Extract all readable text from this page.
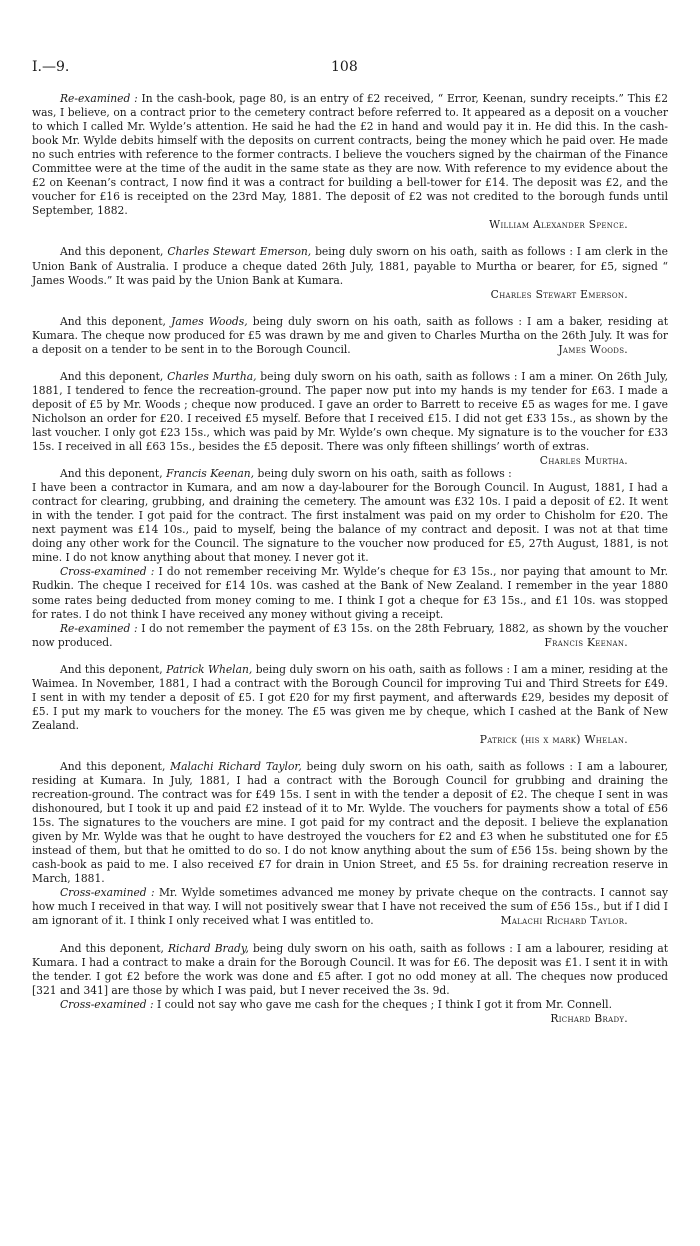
I.—9.	108

Re-examined : In the cash-book, page 80, is an entry of £2 received, “ Error, Keenan, sundry receipts.” This £2 was, I believe, on a contract prior to the cemetery contract before referred to. It appeared as a deposit on a voucher to which I called Mr. Wylde’s attention. He said he had the £2 in hand and would pay it in. He did this. In the cash-book Mr. Wylde debits himself with the deposits on current contracts, being the money which he paid over. He made no such entries with reference to the former contracts. I believe the vouchers signed by the chairman of the Finance Committee were at the time of the audit in the same state as they are now. With reference to my evidence about the £2 on Keenan’s contract, I now find it was a contract for building a bell-tower for £14. The deposit was £2, and the voucher for £16 is receipted on the 23rd May, 1881. The deposit of £2 was not credited to the borough funds until September, 1882.

William Alexander Spence.

And this deponent, Charles Stewart Emerson, being duly sworn on his oath, saith as follows : I am clerk in the Union Bank of Australia. I produce a cheque dated 26th July, 1881, payable to Murtha or bearer, for £5, signed “ James Woods.” It was paid by the Union Bank at Kumara.

Charles Stewart Emerson.

And this deponent, James Woods, being duly sworn on his oath, saith as follows : I am a baker, residing at Kumara. The cheque now produced for £5 was drawn by me and given to Charles Murtha on the 26th July. It was for a deposit on a tender to be sent in to the Borough Council.	James Woods.

And this deponent, Charles Murtha, being duly sworn on his oath, saith as follows : I am a miner. On 26th July, 1881, I tendered to fence the recreation-ground. The paper now put into my hands is my tender for £63. I made a deposit of £5 by Mr. Woods ; cheque now produced. I gave an order to Barrett to receive £5 as wages for me. I gave Nicholson an order for £20. I received £5 myself. Before that I received £15. I did not get £33 15s., as shown by the last voucher. I only got £23 15s., which was paid by Mr. Wylde’s own cheque. My signature is to the voucher for £33 15s. I received in all £63 15s., besides the £5 deposit. There was only fifteen shillings’ worth of extras.
Charles Murtha.

And this deponent, Francis Keenan, being duly sworn on his oath, saith as follows : I have been a contractor in Kumara, and am now a day-labourer for the Borough Council. In August, 1881, I had a contract for clearing, grubbing, and draining the cemetery. The amount was £32 10s. I paid a deposit of £2. It went in with the tender. I got paid for the contract. The first instalment was paid on my order to Chisholm for £20. The next payment was £14 10s., paid to myself, being the balance of my contract and deposit. I was not at that time doing any other work for the Council. The signature to the voucher now produced for £5, 27th August, 1881, is not mine. I do not know anything about that money. I never got it.

Cross-examined : I do not remember receiving Mr. Wylde’s cheque for £3 15s., nor paying that amount to Mr. Rudkin. The cheque I received for £14 10s. was cashed at the Bank of New Zealand. I remember in the year 1880 some rates being deducted from money coming to me. I think I got a cheque for £3 15s., and £1 10s. was stopped for rates. I do not think I have received any money without giving a receipt.

Re-examined : I do not remember the payment of £3 15s. on the 28th February, 1882, as shown by the voucher now produced.	Francis Keenan.

And this deponent, Patrick Whelan, being duly sworn on his oath, saith as follows : I am a miner, residing at the Waimea. In November, 1881, I had a contract with the Borough Council for improving Tui and Third Streets for £49. I sent in with my tender a deposit of £5. I got £20 for my first payment, and afterwards £29, besides my deposit of £5. I put my mark to vouchers for the money. The £5 was given me by cheque, which I cashed at the Bank of New Zealand.

Patrick (his x mark) Whelan.

And this deponent, Malachi Richard Taylor, being duly sworn on his oath, saith as follows : I am a labourer, residing at Kumara. In July, 1881, I had a contract with the Borough Council for grubbing and draining the recreation-ground. The contract was for £49 15s. I sent in with the tender a deposit of £2. The cheque I sent in was dishonoured, but I took it up and paid £2 instead of it to Mr. Wylde. The vouchers for payments show a total of £56 15s. The signatures to the vouchers are mine. I got paid for my contract and the deposit. I believe the explanation given by Mr. Wylde was that he ought to have destroyed the vouchers for £2 and £3 when he substituted one for £5 instead of them, but that he omitted to do so. I do not know anything about the sum of £56 15s. being shown by the cash-book as paid to me. I also received £7 for drain in Union Street, and £5 5s. for draining recreation reserve in March, 1881.

Cross-examined : Mr. Wylde sometimes advanced me money by private cheque on the contracts. I cannot say how much I received in that way. I will not positively swear that I have not received the sum of £56 15s., but if I did I am ignorant of it. I think I only received what I was entitled to.	Malachi Richard Taylor.

And this deponent, Richard Brady, being duly sworn on his oath, saith as follows : I am a labourer, residing at Kumara. I had a contract to make a drain for the Borough Council. It was for £6. The deposit was £1. I sent it in with the tender. I got £2 before the work was done and £5 after. I got no odd money at all. The cheques now produced [321 and 341] are those by which I was paid, but I never received the 3s. 9d.

Cross-examined : I could not say who gave me cash for the cheques ; I think I got it from Mr. Connell.
Richard Brady.
